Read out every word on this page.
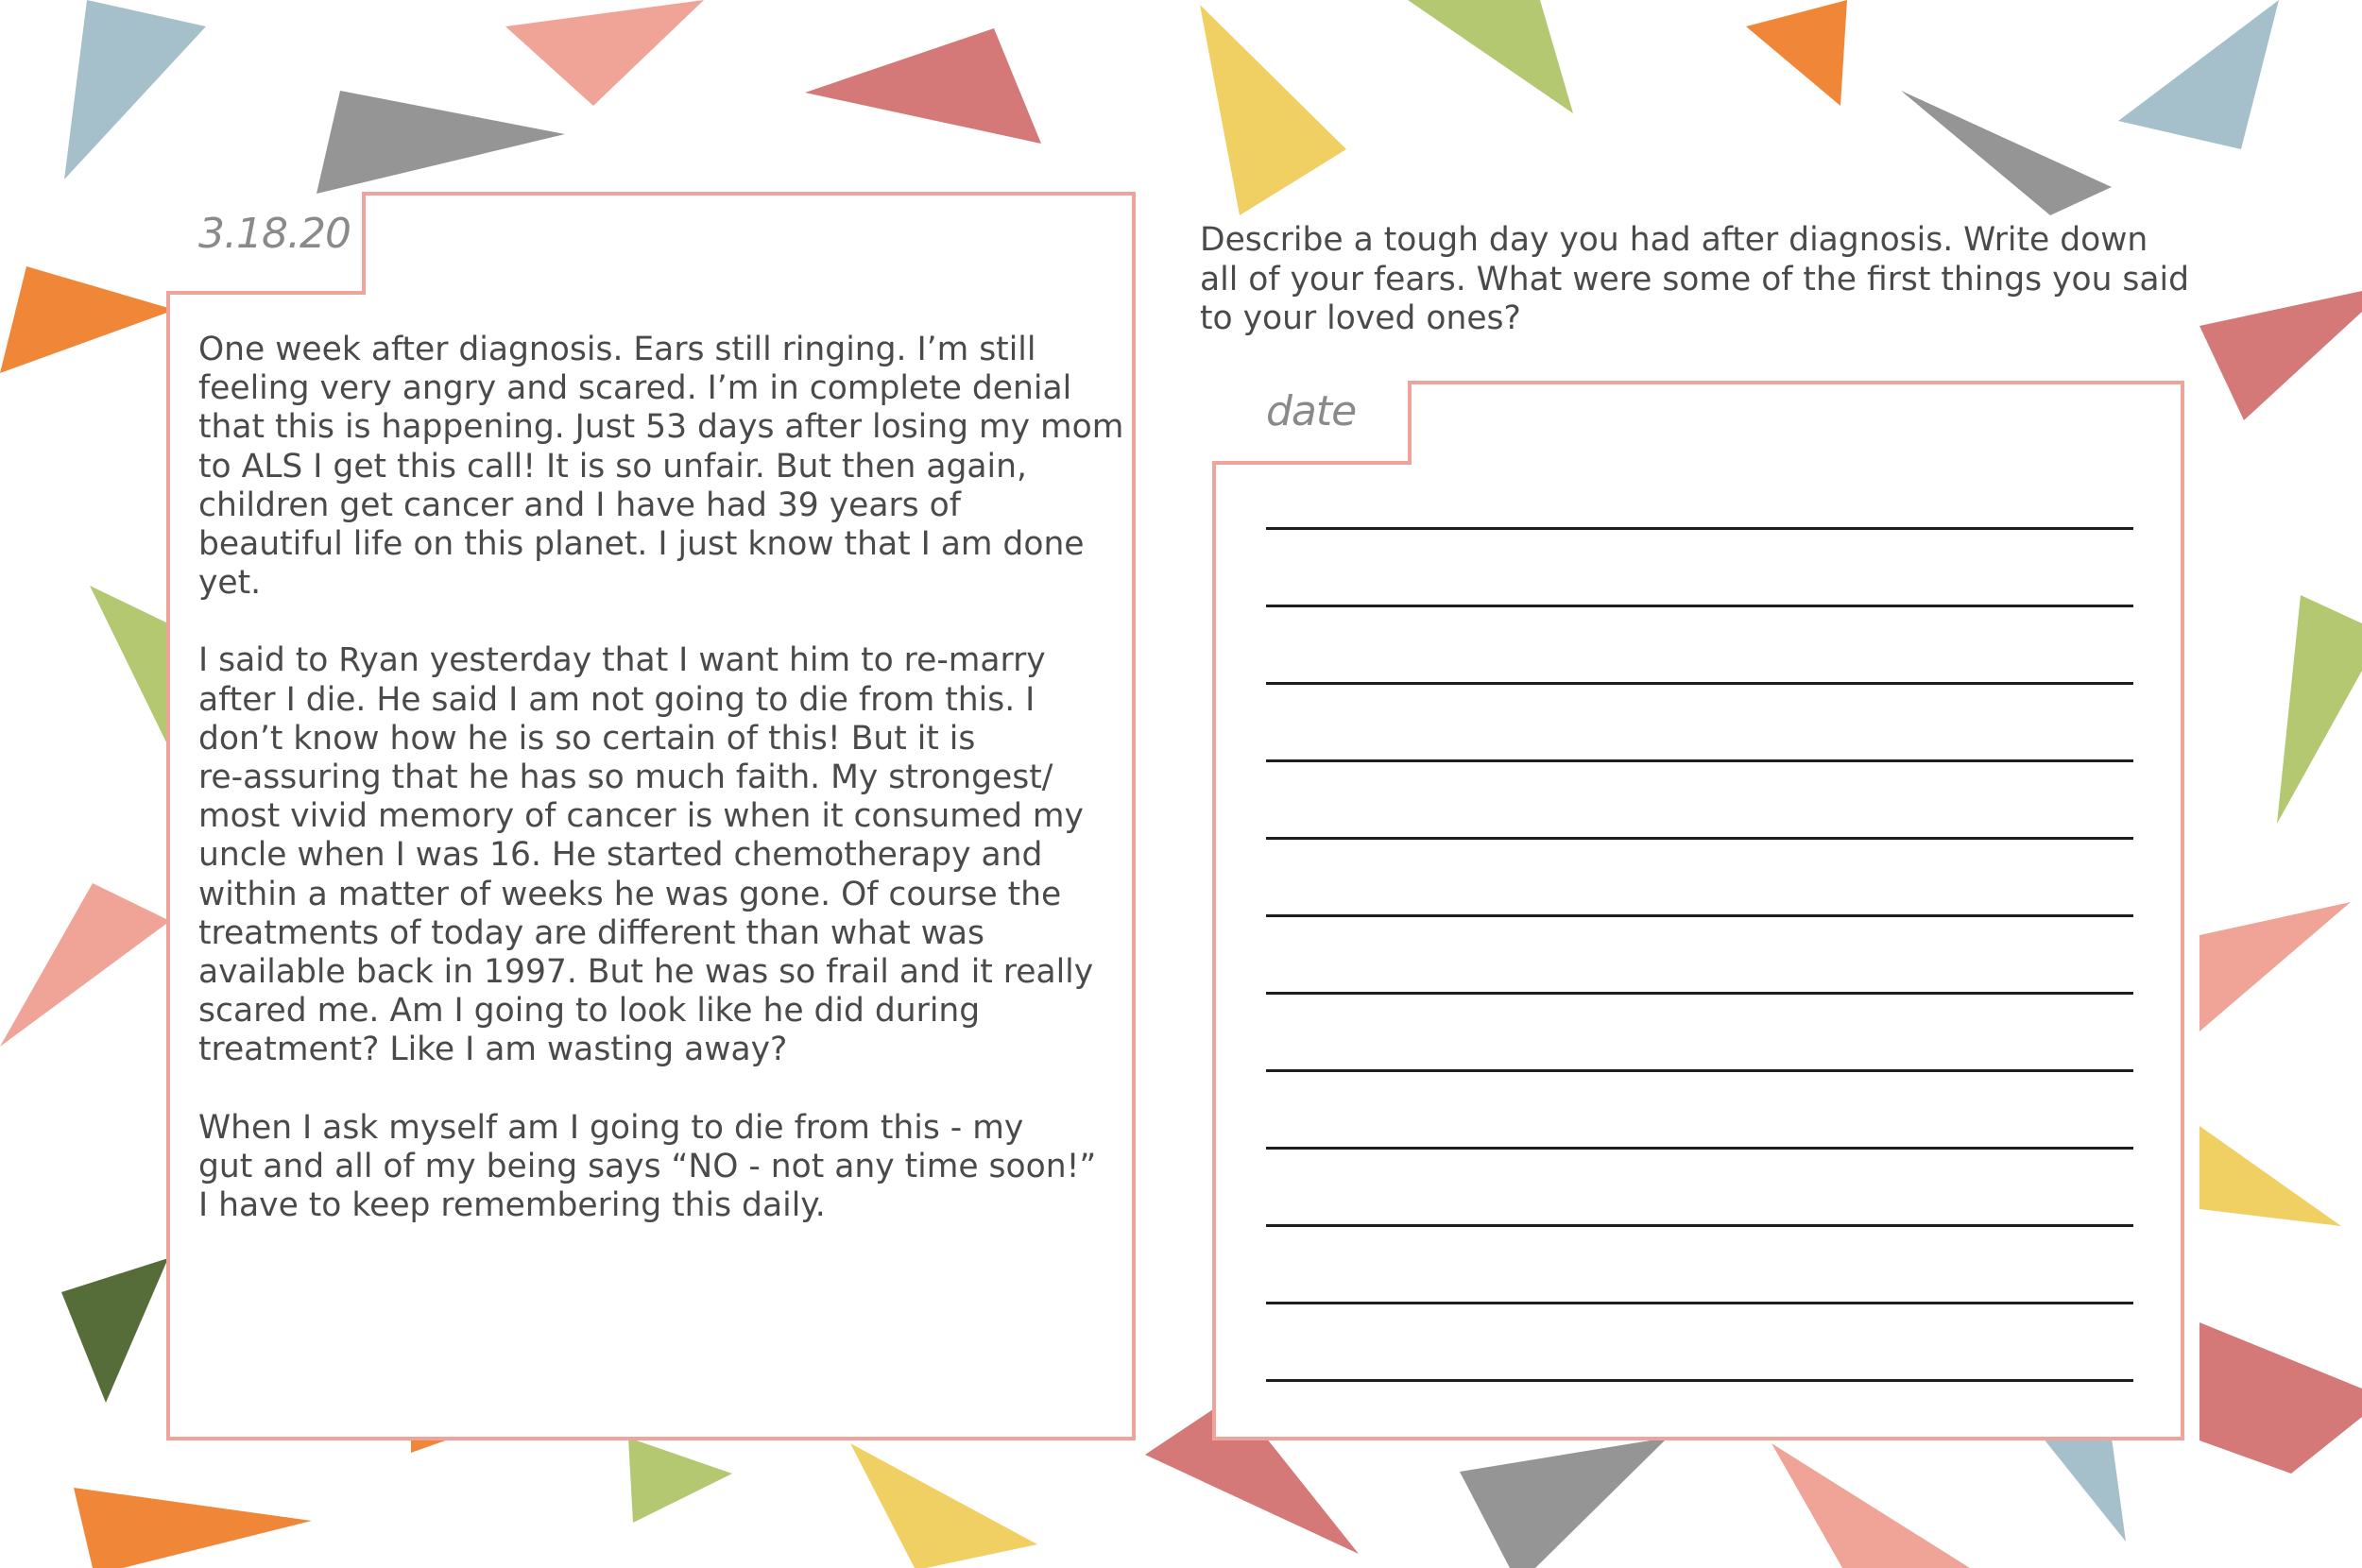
3.18.20

One week after diagnosis. Ears still ringing. I’m still
feeling very angry and scared. I’m in complete denial
that this is happening. Just 53 days after losing my mom
to ALS I get this call! It is so unfair. But then again,
children get cancer and I have had 39 years of
beautiful life on this planet. I just know that I am done
yet.

I said to Ryan yesterday that I want him to re-marry
after I die. He said I am not going to die from this. I
don’t know how he is so certain of this! But it is
re-assuring that he has so much faith. My strongest/
most vivid memory of cancer is when it consumed my
uncle when I was 16. He started chemotherapy and
within a matter of weeks he was gone. Of course the
treatments of today are different than what was
available back in 1997. But he was so frail and it really
scared me. Am I going to look like he did during
treatment? Like I am wasting away?

When I ask myself am I going to die from this - my
gut and all of my being says “NO - not any time soon!”
I have to keep remembering this daily.

Describe a tough day you had after diagnosis. Write down
all of your fears. What were some of the first things you said
to your loved ones?
date
